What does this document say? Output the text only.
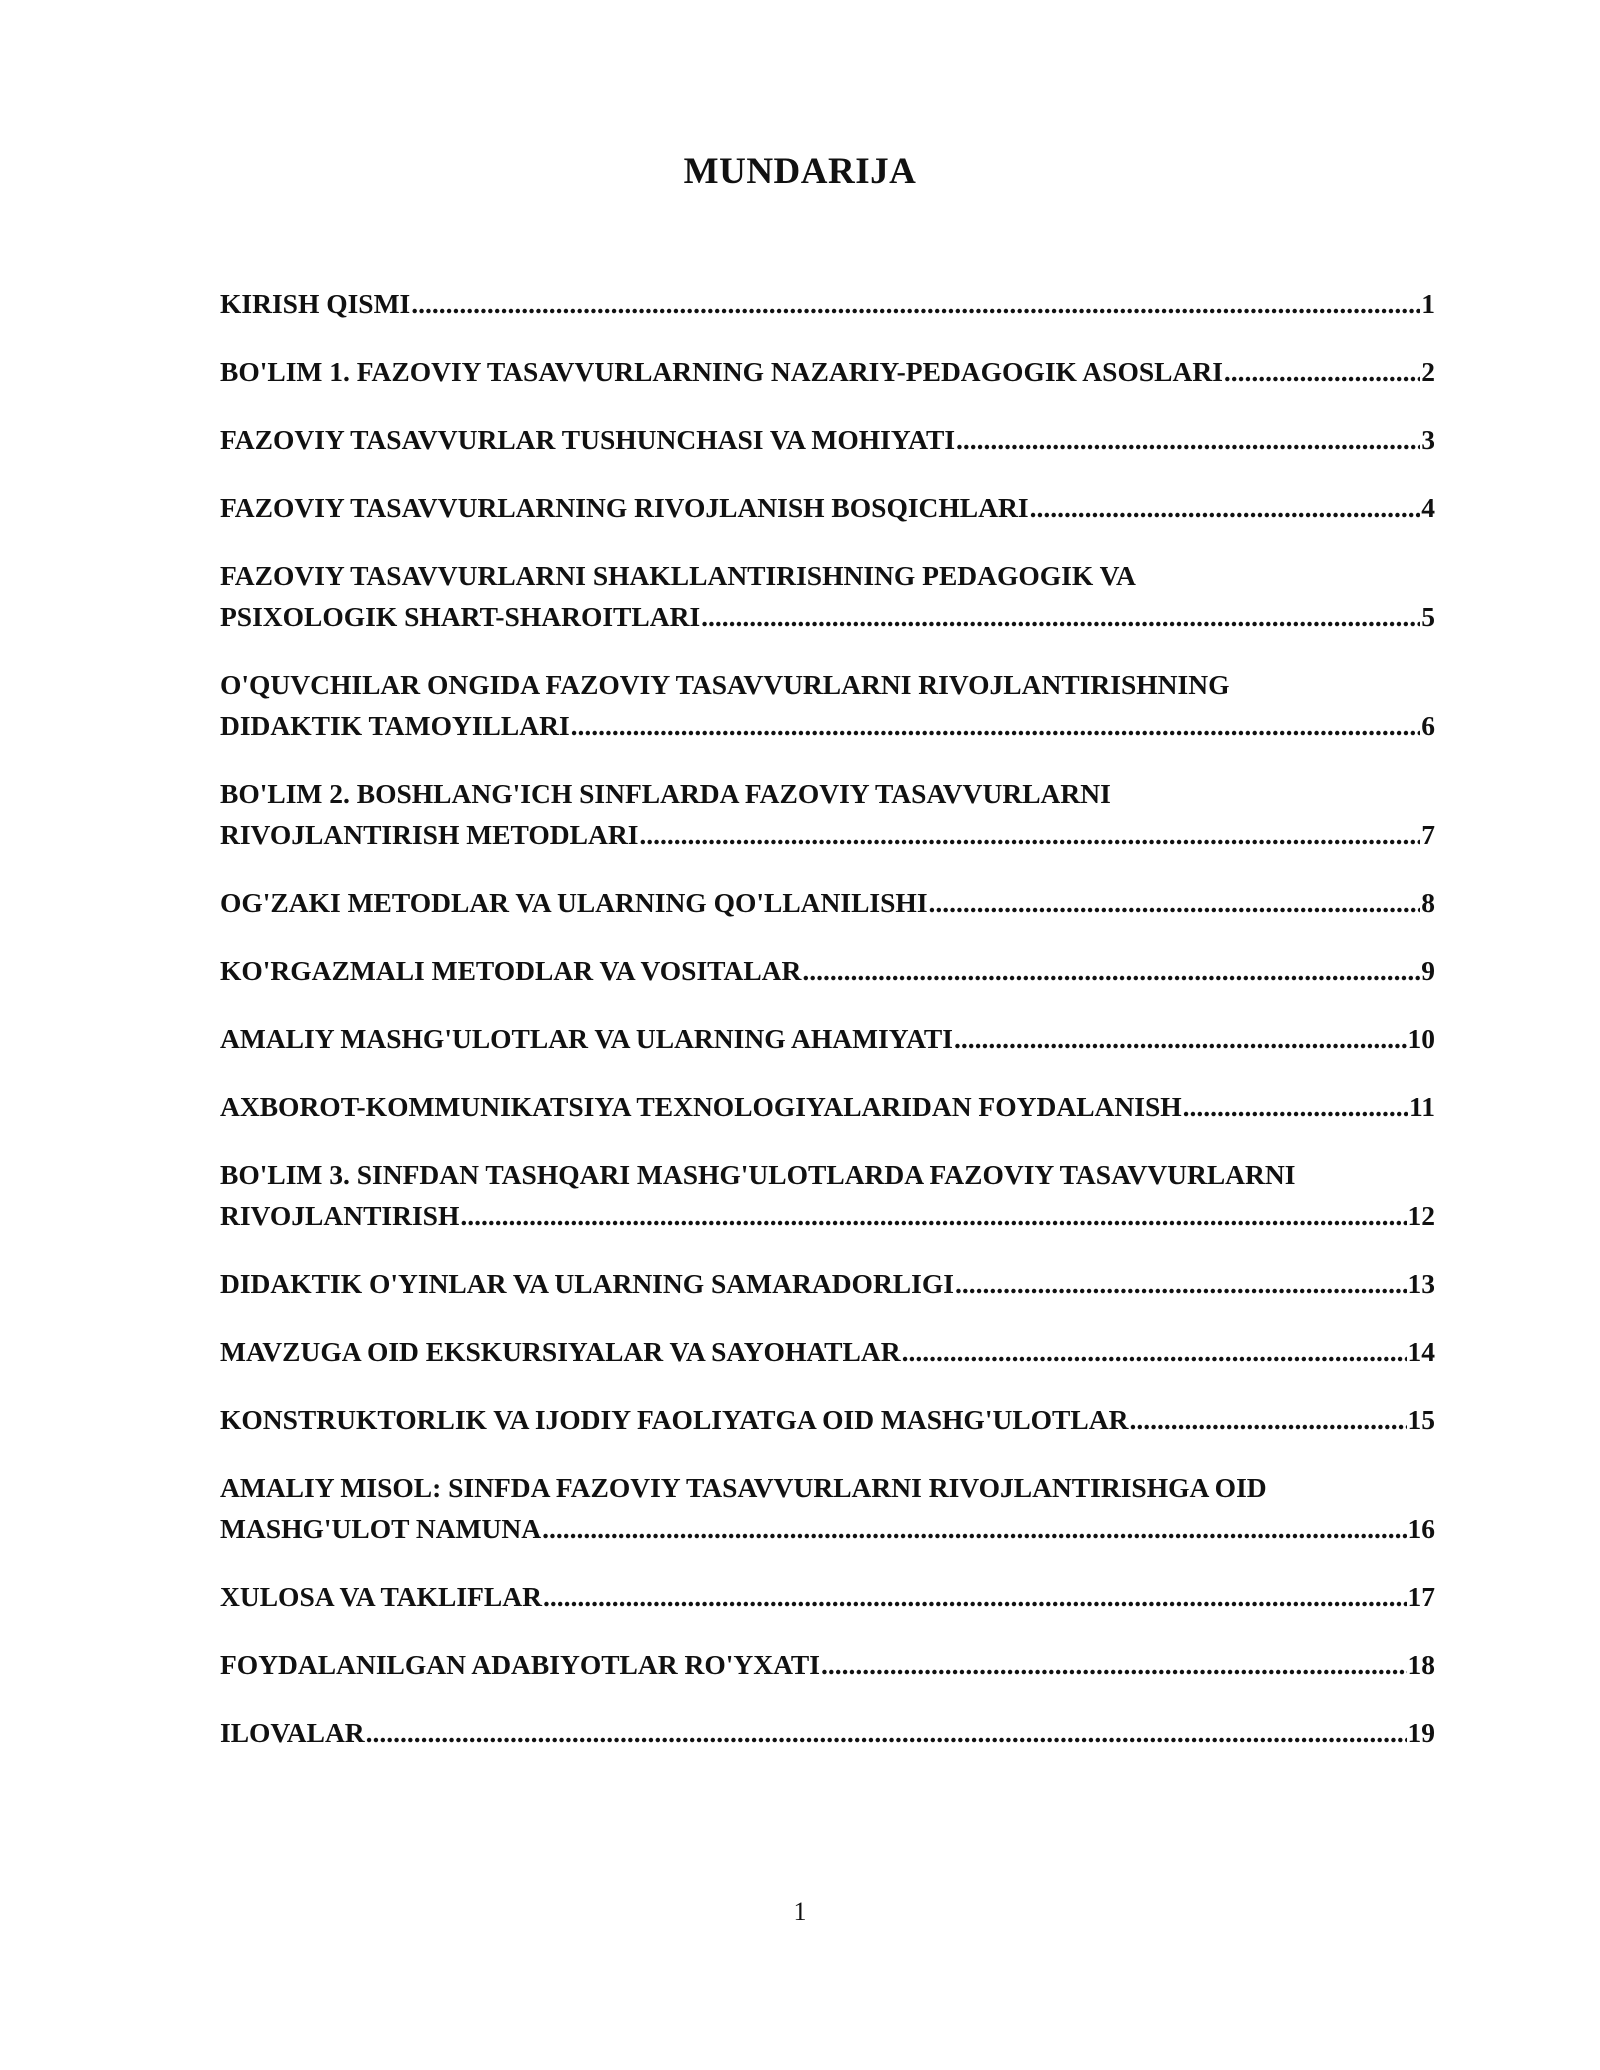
MUNDARIJA
KIRISH QISMI .....	1
BO'LIM 1. FAZOVIY TASAVVURLARNING NAZARIY-PEDAGOGIK ASOSLARI .....	2
FAZOVIY TASAVVURLAR TUSHUNCHASI VA MOHIYATI .....	3
FAZOVIY TASAVVURLARNING RIVOJLANISH BOSQICHLARI .....	4
FAZOVIY TASAVVURLARNI SHAKLLANTIRISHNING PEDAGOGIK VA
PSIXOLOGIK SHART-SHAROITLARI .....	5
O'QUVCHILAR ONGIDA FAZOVIY TASAVVURLARNI RIVOJLANTIRISHNING
DIDAKTIK TAMOYILLARI .....	6
BO'LIM 2. BOSHLANG'ICH SINFLARDA FAZOVIY TASAVVURLARNI
RIVOJLANTIRISH METODLARI .....	7
OG'ZAKI METODLAR VA ULARNING QO'LLANILISHI .....	8
KO'RGAZMALI METODLAR VA VOSITALAR .....	9
AMALIY MASHG'ULOTLAR VA ULARNING AHAMIYATI .....	10
AXBOROT-KOMMUNIKATSIYA TEXNOLOGIYALARIDAN FOYDALANISH .....	11
BO'LIM 3. SINFDAN TASHQARI MASHG'ULOTLARDA FAZOVIY TASAVVURLARNI
RIVOJLANTIRISH .....	12
DIDAKTIK O'YINLAR VA ULARNING SAMARADORLIGI .....	13
MAVZUGA OID EKSKURSIYALAR VA SAYOHATLAR .....	14
KONSTRUKTORLIK VA IJODIY FAOLIYATGA OID MASHG'ULOTLAR .....	15
AMALIY MISOL: SINFDA FAZOVIY TASAVVURLARNI RIVOJLANTIRISHGA OID
MASHG'ULOT NAMUNA .....	16
XULOSA VA TAKLIFLAR .....	17
FOYDALANILGAN ADABIYOTLAR RO'YXATI .....	18
ILOVALAR .....	19
1
